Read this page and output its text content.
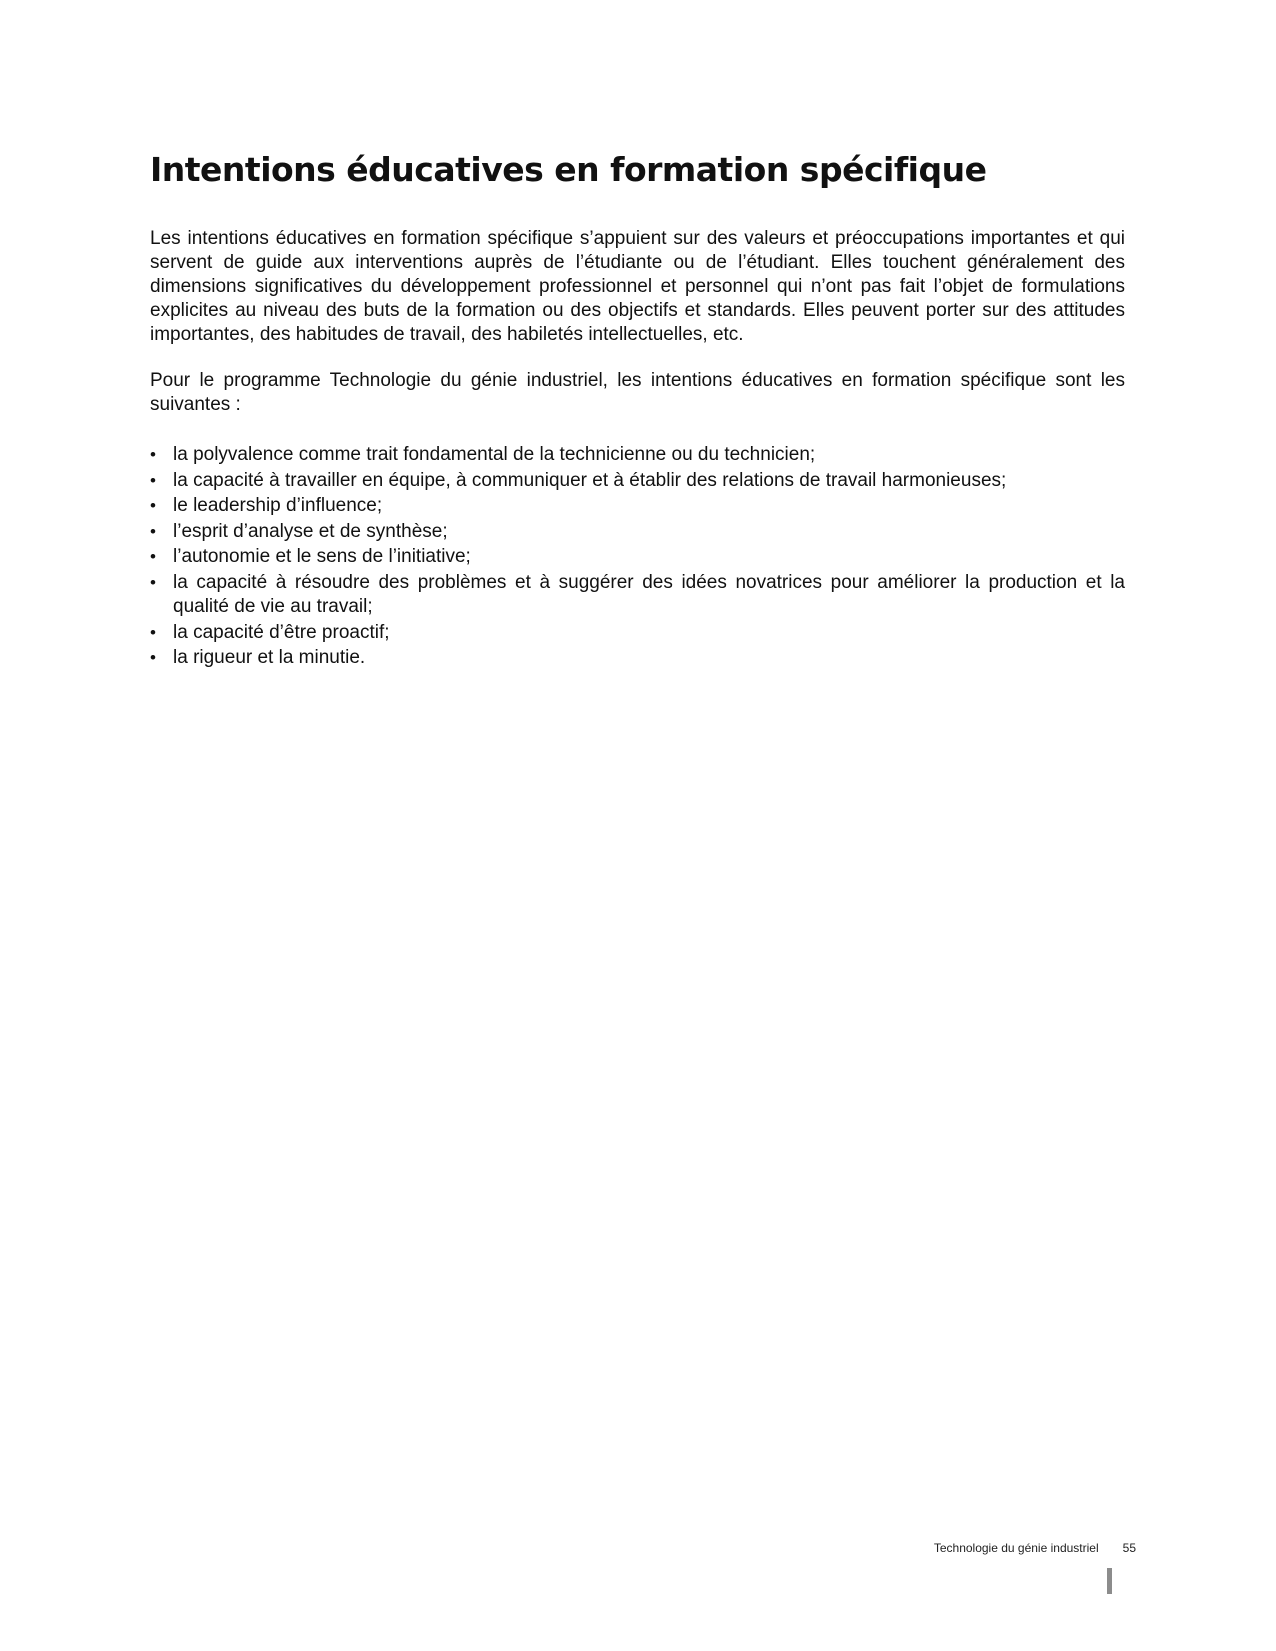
Intentions éducatives en formation spécifique

Les intentions éducatives en formation spécifique s’appuient sur des valeurs et préoccupations importantes et qui servent de guide aux interventions auprès de l’étudiante ou de l’étudiant. Elles touchent généralement des dimensions significatives du développement professionnel et personnel qui n’ont pas fait l’objet de formulations explicites au niveau des buts de la formation ou des objectifs et standards. Elles peuvent porter sur des attitudes importantes, des habitudes de travail, des habiletés intellectuelles, etc.

Pour le programme Technologie du génie industriel, les intentions éducatives en formation spécifique sont les suivantes :

• la polyvalence comme trait fondamental de la technicienne ou du technicien;
• la capacité à travailler en équipe, à communiquer et à établir des relations de travail harmonieuses;
• le leadership d’influence;
• l’esprit d’analyse et de synthèse;
• l’autonomie et le sens de l’initiative;
• la capacité à résoudre des problèmes et à suggérer des idées novatrices pour améliorer la production et la qualité de vie au travail;
• la capacité d’être proactif;
• la rigueur et la minutie.
Technologie du génie industriel 55
